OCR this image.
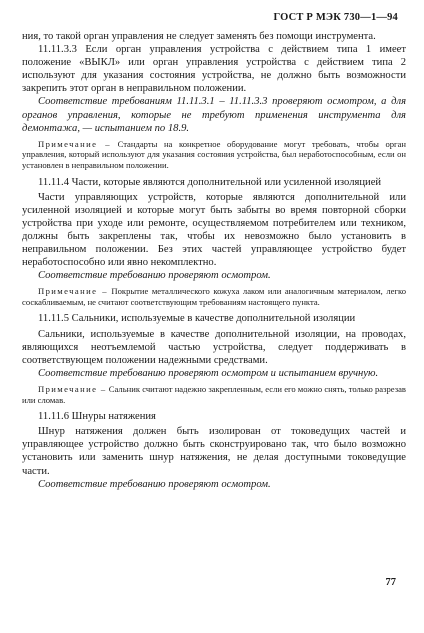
ГОСТ Р МЭК 730—1—94

ния, то такой орган управления не следует заменять без помощи инструмента.

11.11.3.3 Если орган управления устройства с действием типа 1 имеет положение «ВЫКЛ» или орган управления устройства с действием типа 2 используют для указания состояния устройства, не должно быть возможности закрепить этот орган в неправильном положении.

Соответствие требованиям 11.11.3.1 – 11.11.3.3 проверяют осмотром, а для органов управления, которые не требуют применения инструмента для демонтажа, — испытанием по 18.9.

Примечание – Стандарты на конкретное оборудование могут требовать, чтобы орган управления, который используют для указания состояния устройства, был неработоспособным, если он установлен в неправильном положении.

11.11.4 Части, которые являются дополнительной или усиленной изоляцией

Части управляющих устройств, которые являются дополнительной или усиленной изоляцией и которые могут быть забыты во время повторной сборки устройства при уходе или ремонте, осуществляемом потребителем или техником, должны быть закреплены так, чтобы их невозможно было установить в неправильном положении. Без этих частей управляющее устройство будет неработоспособно или явно некомплектно.

Соответствие требованию проверяют осмотром.

Примечание – Покрытие металлического кожуха лаком или аналогичным материалом, легко соскабливаемым, не считают соответствующим требованиям настоящего пункта.

11.11.5 Сальники, используемые в качестве дополнительной изоляции

Сальники, используемые в качестве дополнительной изоляции, на проводах, являющихся неотъемлемой частью устройства, следует поддерживать в соответствующем положении надежными средствами.

Соответствие требованию проверяют осмотром и испытанием вручную.

Примечание – Сальник считают надежно закрепленным, если его можно снять, только разрезав или сломав.

11.11.6 Шнуры натяжения

Шнур натяжения должен быть изолирован от токоведущих частей и управляющее устройство должно быть сконструировано так, что было возможно установить или заменить шнур натяжения, не делая доступными токоведущие части.

Соответствие требованию проверяют осмотром.

77
